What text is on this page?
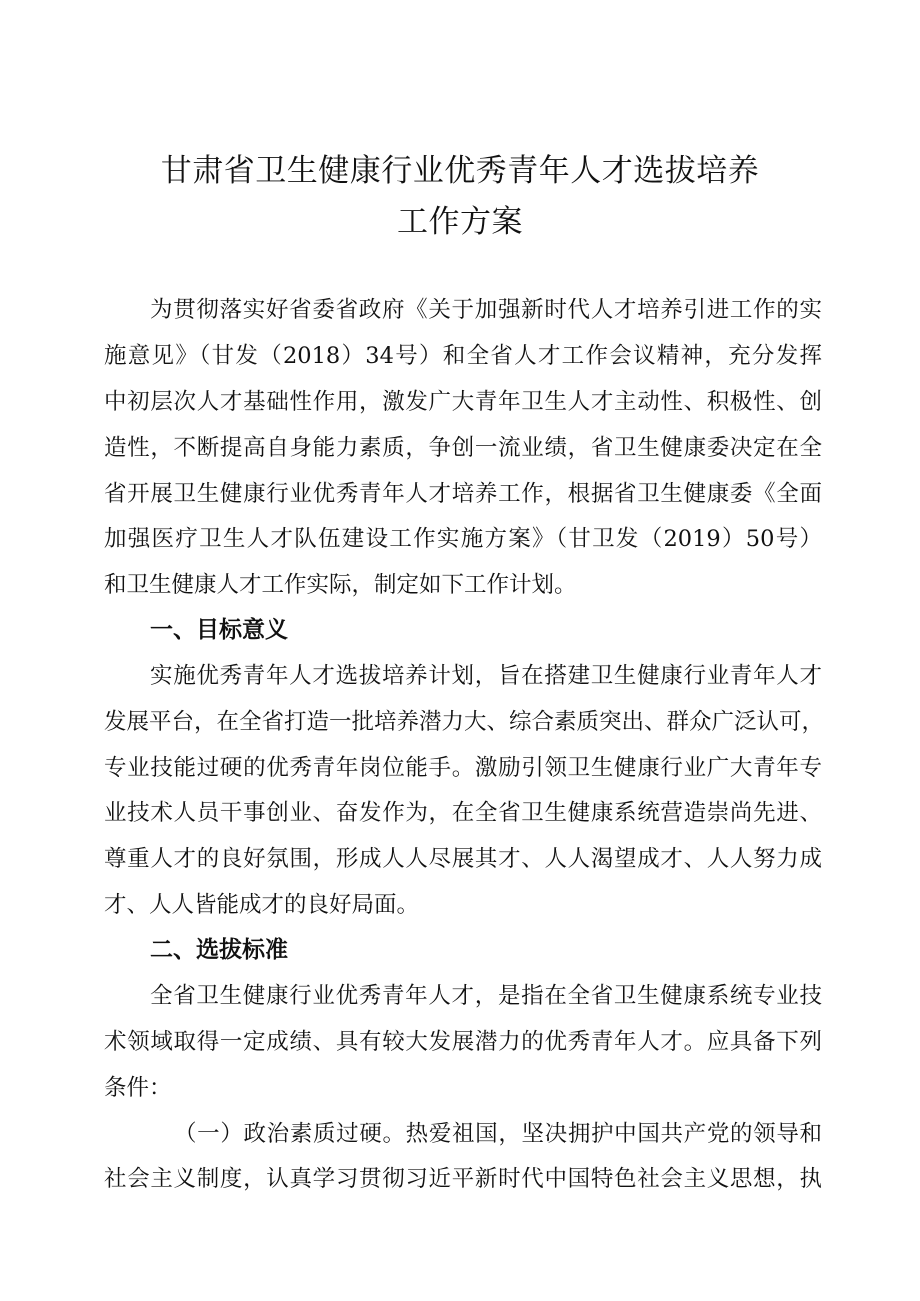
甘肃省卫生健康行业优秀青年人才选拔培养
工作方案
为贯彻落实好省委省政府《关于加强新时代人才培养引进工作的实
施意见》（甘发（2018）34号）和全省人才工作会议精神，充分发挥
中初层次人才基础性作用，激发广大青年卫生人才主动性、积极性、创
造性，不断提高自身能力素质，争创一流业绩，省卫生健康委决定在全
省开展卫生健康行业优秀青年人才培养工作，根据省卫生健康委《全面
加强医疗卫生人才队伍建设工作实施方案》（甘卫发（2019）50号）
和卫生健康人才工作实际，制定如下工作计划。
一、目标意义
实施优秀青年人才选拔培养计划，旨在搭建卫生健康行业青年人才
发展平台，在全省打造一批培养潜力大、综合素质突出、群众广泛认可，
专业技能过硬的优秀青年岗位能手。激励引领卫生健康行业广大青年专
业技术人员干事创业、奋发作为，在全省卫生健康系统营造崇尚先进、
尊重人才的良好氛围，形成人人尽展其才、人人渴望成才、人人努力成
才、人人皆能成才的良好局面。
二、选拔标准
全省卫生健康行业优秀青年人才，是指在全省卫生健康系统专业技
术领域取得一定成绩、具有较大发展潜力的优秀青年人才。应具备下列
条件：
（一）政治素质过硬。热爱祖国，坚决拥护中国共产党的领导和
社会主义制度，认真学习贯彻习近平新时代中国特色社会主义思想，执
